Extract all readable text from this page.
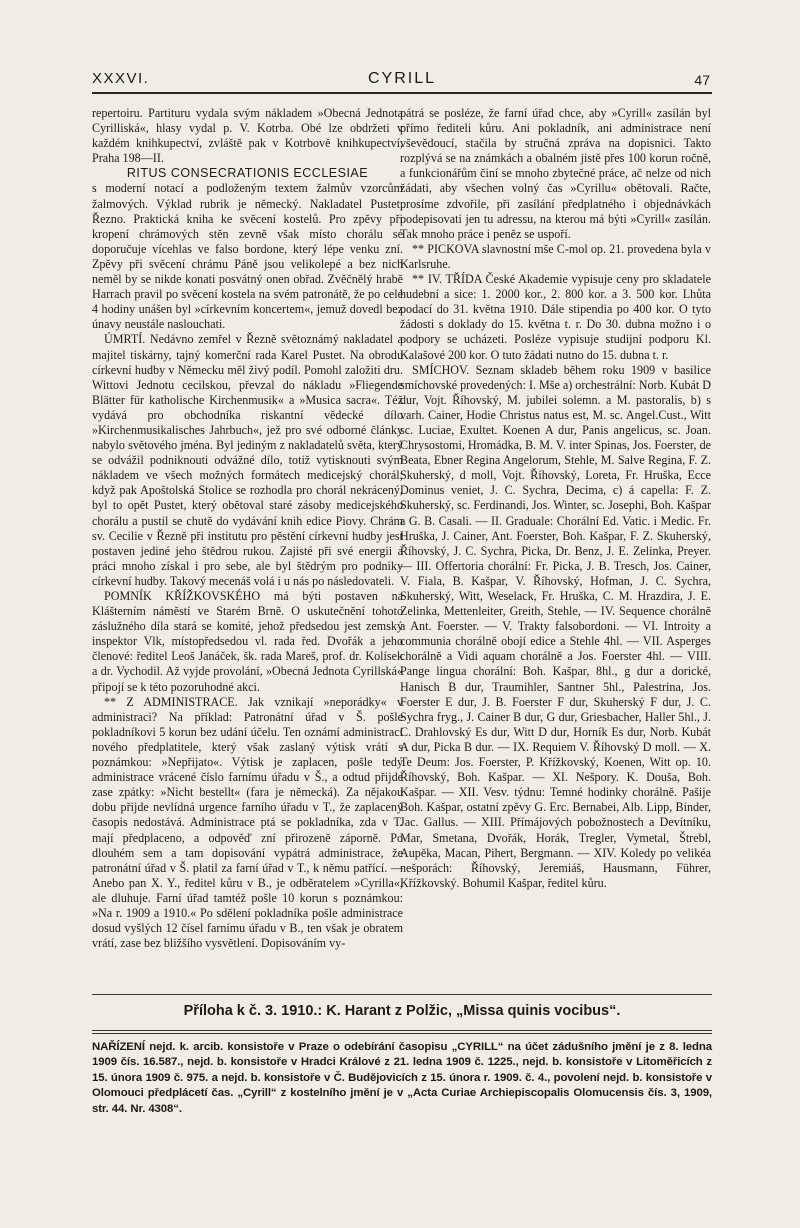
XXXVI.	CYRILL	47

repertoiru. Partituru vydala svým nákladem »Obecná Jednota Cyrilliská«, hlasy vydal p. V. Kotrba. Obé lze obdržeti v každém knihkupectví, zvláště pak v Kotrbově knihkupectví, Praha 198—II.

RITUS CONSECRATIONIS ECCLESIAE

s moderní notací a podloženým textem žalmův vzorcům žalmových. Výklad rubrik je německý. Nakladatel Pustet, Řezno. Praktická kniha ke svěcení kostelů. Pro zpěvy při kropení chrámových stěn zevně však místo chorálu se doporučuje vícehlas ve falso bordone, který lépe venku zní. Zpěvy při svěcení chrámu Páně jsou velikolepé a bez nich neměl by se nikde konati posvátný onen obřad. Zvěčnělý hrabě Harrach pravil po svěcení kostela na svém patronátě, že po celé 4 hodiny unášen byl »církevním koncertem«, jemuž dovedl bez únavy neustále naslouchati.

ÚMRTÍ. Nedávno zemřel v Řezně světoznámý nakladatel a majitel tiskárny, tajný komerční rada Karel Pustet. Na obrodu církevní hudby v Německu měl živý podíl. Pomohl založiti dru. Wittovi Jednotu cecilskou, převzal do nákladu »Fliegende Blätter für katholische Kirchenmusik« a »Musica sacra«. Též vydává pro obchodníka riskantní vědecké dílo »Kirchenmusikalisches Jahrbuch«, jež pro své odborné články nabylo světového jména. Byl jediným z nakladatelů světa, který se odvážil podniknouti odvážné dílo, totiž vytisknouti svým nákladem ve všech možných formátech medicejský chorál; když pak Apoštolská Stolice se rozhodla pro chorál nekrácený, byl to opět Pustet, který obětoval staré zásoby medicejského chorálu a pustil se chutě do vydávání knih edice Piovy. Chrám sv. Cecilie v Řezně při institutu pro pěstění církevní hudby jest postaven jediné jeho štědrou rukou. Zajisté při své energii a práci mnoho získal i pro sebe, ale byl štědrým pro podniky církevní hudby. Takový mecenáš volá i u nás po následovateli.

POMNÍK KŘÍŽKOVSKÉHO má býti postaven na Klášterním náměstí ve Starém Brně. O uskutečnění tohoto záslužného díla stará se komité, jehož předsedou jest zemský inspektor Vlk, místopředsedou vl. rada řed. Dvořák a jeho členové: ředitel Leoš Janáček, šk. rada Mareš, prof. dr. Kolísek a dr. Vychodil. Až vyjde provolání, »Obecná Jednota Cyrillská« připojí se k této pozoruhodné akci.

** Z ADMINISTRACE. Jak vznikají »neporádky« v administraci? Na příklad: Patronátní úřad v Š. pošle pokladníkovi 5 korun bez udání účelu. Ten oznámí administraci nového předplatitele, který však zaslaný výtisk vrátí s poznámkou: »Nepřijato«. Výtisk je zaplacen, pošle tedy administrace vrácené číslo farnímu úřadu v Š., a odtud přijde zase zpátky: »Nicht bestellt« (fara je německá). Za nějakou dobu přijde nevlídná urgence farního úřadu v T., že zaplacený časopis nedostává. Administrace ptá se pokladníka, zda v T. mají předplaceno, a odpověď zní přirozeně záporně. Po dlouhém sem a tam dopisování vypátrá administrace, že patronátní úřad v Š. platil za farní úřad v T., k němu patřící. — Anebo pan X. Y., ředitel kůru v B., je odběratelem »Cyrilla«, ale dluhuje. Farní úřad tamtéž pošle 10 korun s poznámkou: »Na r. 1909 a 1910.« Po sdělení pokladníka pošle administrace dosud vyšlých 12 čísel farnímu úřadu v B., ten však je obratem vrátí, zase bez bližšího vysvětlení. Dopisováním vy-

pátrá se posléze, že farní úřad chce, aby »Cyrill« zasílán byl přímo řediteli kůru. Ani pokladník, ani administrace není vševědoucí, stačila by stručná zpráva na dopisnici. Takto rozplývá se na známkách a obalném jistě přes 100 korun ročně, a funkcionářům činí se mnoho zbytečné práce, ač nelze od nich žádati, aby všechen volný čas »Cyrillu« obětovali. Račte, prosíme zdvořile, při zasílání předplatného i objednávkách podepisovati jen tu adressu, na kterou má býti »Cyrill« zasílán. Tak mnoho práce i peněz se uspoří.

** PICKOVA slavnostní mše C-mol op. 21. provedena byla v Karlsruhe.

** IV. TŘÍDA České Akademie vypisuje ceny pro skladatele hudební a sice: 1. 2000 kor., 2. 800 kor. a 3. 500 kor. Lhůta podací do 31. května 1910. Dále stipendia po 400 kor. O tyto žádosti s doklady do 15. května t. r. Do 30. dubna možno i o podpory se ucházeti. Posléze vypisuje studijní podporu Kl. Kalašové 200 kor. O tuto žádati nutno do 15. dubna t. r.

SMÍCHOV. Seznam skladeb během roku 1909 v basilice smíchovské provedených: I. Mše a) orchestrální: Norb. Kubát D dur, Vojt. Říhovský, M. jubilei solemn. a M. pastoralis, b) s varh. Cainer, Hodie Christus natus est, M. sc. Angel.Cust., Witt sc. Luciae, Exultet. Koenen A dur, Panis angelicus, sc. Joan. Chrysostomi, Hromádka, B. M. V. inter Spinas, Jos. Foerster, de Beata, Ebner Regina Angelorum, Stehle, M. Salve Regina, F. Z. Skuherský, d moll, Vojt. Říhovský, Loreta, Fr. Hruška, Ecce Dominus veniet, J. C. Sychra, Decima, c) á capella: F. Z. Skuherský, sc. Ferdinandi, Jos. Winter, sc. Josephi, Boh. Kašpar a G. B. Casali. — II. Graduale: Chorální Ed. Vatic. i Medic. Fr. Hruška, J. Cainer, Ant. Foerster, Boh. Kašpar, F. Z. Skuherský, Říhovský, J. C. Sychra, Picka, Dr. Benz, J. E. Zelinka, Preyer. — III. Offertoria chorální: Fr. Picka, J. B. Tresch, Jos. Cainer, V. Fiala, B. Kašpar, V. Říhovský, Hofman, J. C. Sychra, Skuherský, Witt, Weselack, Fr. Hruška, C. M. Hrazdira, J. E. Zelinka, Mettenleiter, Greith, Stehle, — IV. Sequence chorálně a Ant. Foerster. — V. Trakty falsobordoni. — VI. Introity a communia chorálně obojí edice a Stehle 4hl. — VII. Asperges chorálně a Vidi aquam chorálně a Jos. Foerster 4hl. — VIII. Pange lingua chorální: Boh. Kašpar, 8hl., g dur a dorické, Hanisch B dur, Traumihler, Santner 5hl., Palestrina, Jos. Foerster E dur, J. B. Foerster F dur, Skuherský F dur, J. C. Sychra fryg., J. Cainer B dur, G dur, Griesbacher, Haller 5hl., J. C. Drahlovský Es dur, Witt D dur, Horník Es dur, Norb. Kubát A dur, Picka B dur. — IX. Requiem V. Říhovský D moll. — X. Te Deum: Jos. Foerster, P. Křížkovský, Koenen, Witt op. 10. Říhovský, Boh. Kašpar. — XI. Nešpory. K. Douša, Boh. Kašpar. — XII. Vesv. týdnu: Temné hodinky chorálně. Pašije Boh. Kašpar, ostatní zpěvy G. Erc. Bernabei, Alb. Lipp, Binder, Jac. Gallus. — XIII. Přímájových pobožnostech a Devítníku, Mar, Smetana, Dvořák, Horák, Tregler, Vymetal, Štrebl, Aupěka, Macan, Pihert, Bergmann. — XIV. Koledy po velikéa nešporách: Říhovský, Jeremiáš, Hausmann, Führer, Křížkovský. Bohumil Kašpar, ředitel kůru.

Příloha k č. 3. 1910.: K. Harant z Polžic, „Missa quinis vocibus“.
NAŘÍZENÍ nejd. k. arcib. konsistoře v Praze o odebírání časopisu „CYRILL“ na účet zádušního jmění je z 8. ledna 1909 čís. 16.587., nejd. b. konsistoře v Hradci Králové z 21. ledna 1909 č. 1225., nejd. b. konsistoře v Litoměřicích z 15. února 1909 č. 975. a nejd. b. konsistoře v Č. Budějovicích z 15. února r. 1909. č. 4., povolení nejd. b. konsistoře v Olomouci předplácetí čas. „Cyrill“ z kostelního jmění je v „Acta Curiae Archiepiscopalis Olomucensis čís. 3, 1909, str. 44. Nr. 4308“.
